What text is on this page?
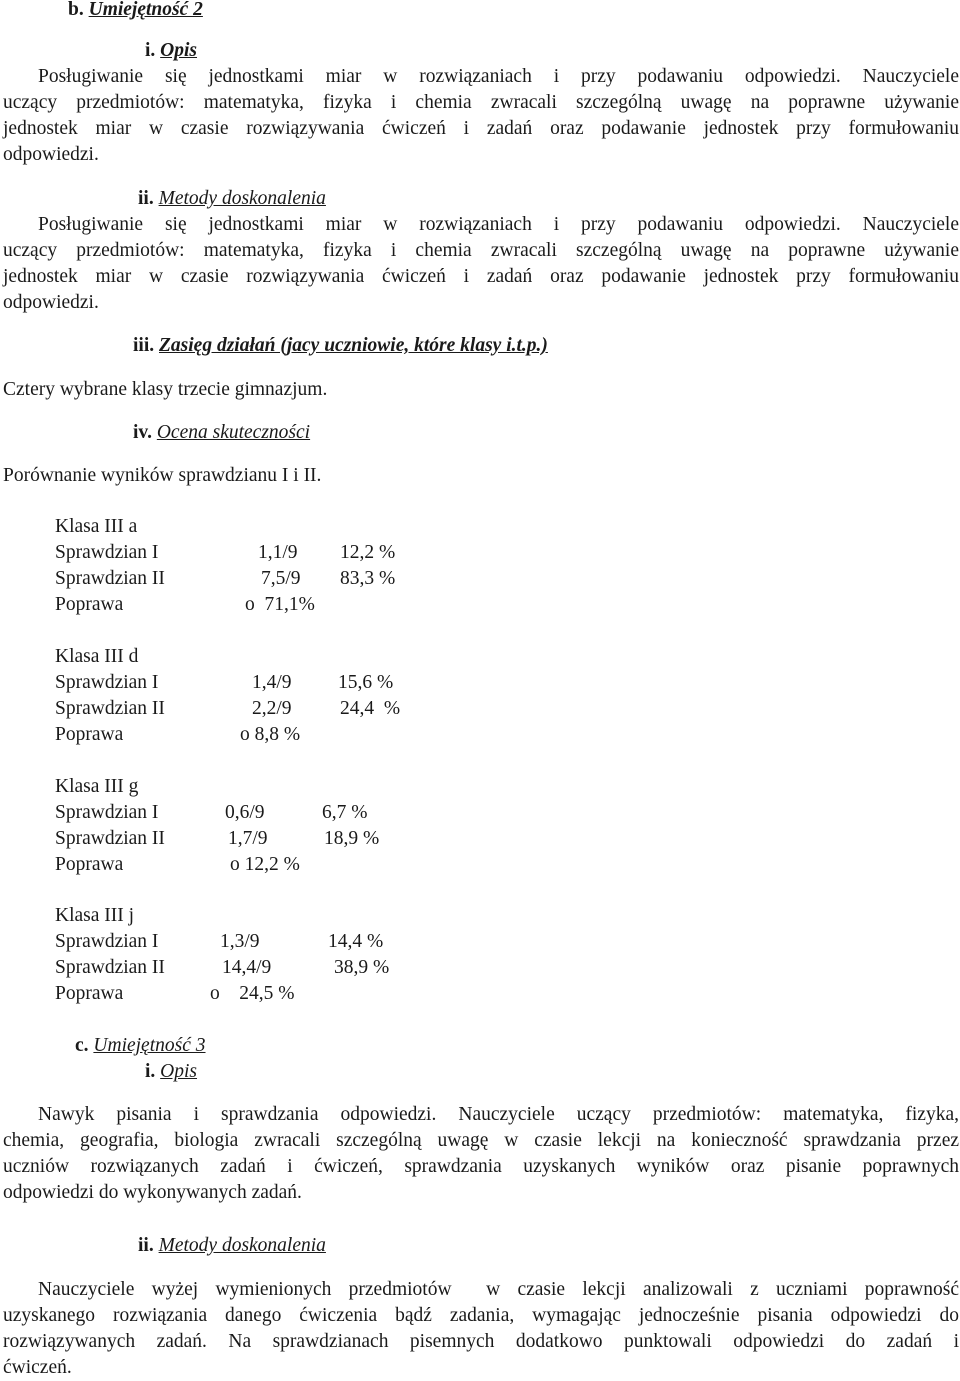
b. Umiejętność 2
i. Opis
Posługiwanie się jednostkami miar w rozwiązaniach i przy podawaniu odpowiedzi. Nauczyciele
uczący przedmiotów: matematyka, fizyka i chemia zwracali szczególną uwagę na poprawne używanie
jednostek miar w czasie rozwiązywania ćwiczeń i zadań oraz podawanie jednostek przy formułowaniu
odpowiedzi.
ii. Metody doskonalenia
Posługiwanie się jednostkami miar w rozwiązaniach i przy podawaniu odpowiedzi. Nauczyciele
uczący przedmiotów: matematyka, fizyka i chemia zwracali szczególną uwagę na poprawne używanie
jednostek miar w czasie rozwiązywania ćwiczeń i zadań oraz podawanie jednostek przy formułowaniu
odpowiedzi.
iii. Zasięg działań (jacy uczniowie, które klasy i.t.p.)
Cztery wybrane klasy trzecie gimnazjum.
iv. Ocena skuteczności
Porównanie wyników sprawdzianu I i II.
Klasa III a
Sprawdzian I	1,1/9 12,2 %
Sprawdzian II	7,5/9 83,3 %
Poprawa	o  71,1%
Klasa III d
Sprawdzian I	1,4/9 15,6 %
Sprawdzian II	2,2/9 24,4  %
Poprawa	o 8,8 %
Klasa III g
Sprawdzian I	0,6/9	6,7 %
Sprawdzian II	1,7/9	18,9 %
Poprawa	o 12,2 %
Klasa III j
Sprawdzian I	1,3/9	14,4 %
Sprawdzian II	14,4/9	38,9 %
Poprawa	o    24,5 %
c. Umiejętność 3
i. Opis
Nawyk pisania i sprawdzania odpowiedzi. Nauczyciele uczący przedmiotów: matematyka, fizyka,
chemia, geografia, biologia zwracali szczególną uwagę w czasie lekcji na konieczność sprawdzania przez
uczniów rozwiązanych zadań i ćwiczeń, sprawdzania uzyskanych wyników oraz pisanie poprawnych
odpowiedzi do wykonywanych zadań.
ii. Metody doskonalenia
Nauczyciele wyżej wymienionych przedmiotów  w czasie lekcji analizowali z uczniami poprawność
uzyskanego rozwiązania danego ćwiczenia bądź zadania, wymagając jednocześnie pisania odpowiedzi do
rozwiązywanych zadań. Na sprawdzianach pisemnych dodatkowo punktowali odpowiedzi do zadań i
ćwiczeń.
